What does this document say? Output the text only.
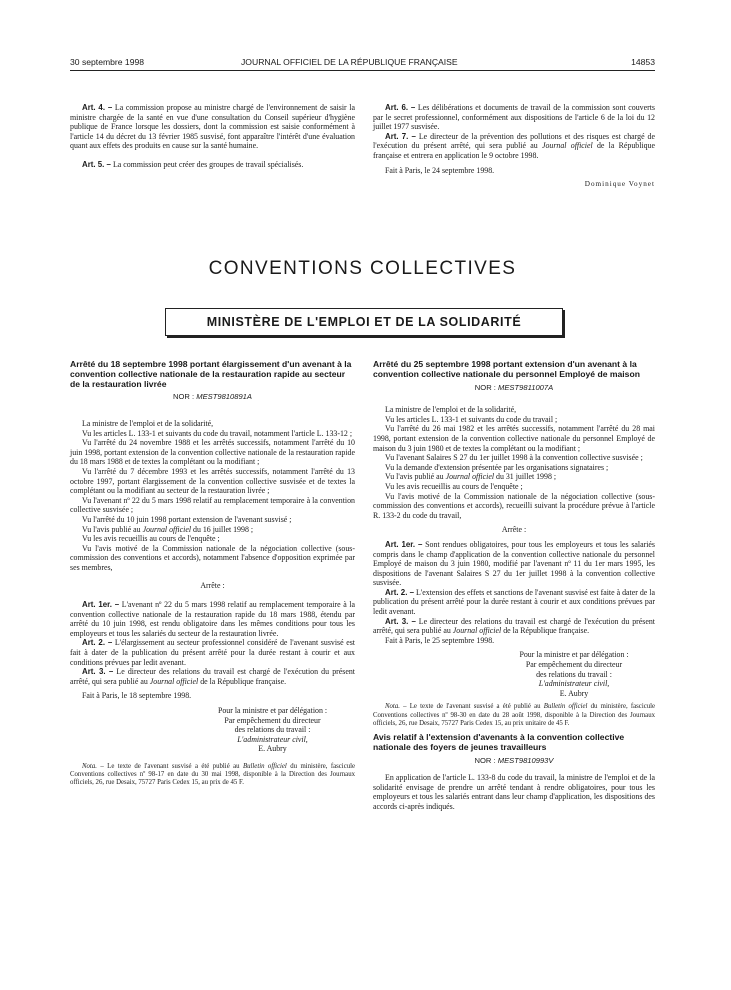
30 septembre 1998	JOURNAL OFFICIEL DE LA RÉPUBLIQUE FRANÇAISE	14853

Art. 4. – La commission propose au ministre chargé de l'environnement de saisir la ministre chargée de la santé en vue d'une consultation du Conseil supérieur d'hygiène publique de France lorsque les dossiers, dont la commission est saisie conformément à l'article 14 du décret du 13 février 1985 susvisé, font apparaître l'intérêt d'une évaluation quant aux effets des produits en cause sur la santé humaine.

Art. 5. – La commission peut créer des groupes de travail spécialisés.

Art. 6. – Les délibérations et documents de travail de la commission sont couverts par le secret professionnel, conformément aux dispositions de l'article 6 de la loi du 12 juillet 1977 susvisée.

Art. 7. – Le directeur de la prévention des pollutions et des risques est chargé de l'exécution du présent arrêté, qui sera publié au Journal officiel de la République française et entrera en application le 9 octobre 1998.

Fait à Paris, le 24 septembre 1998.

Dominique Voynet

CONVENTIONS COLLECTIVES
MINISTÈRE DE L'EMPLOI ET DE LA SOLIDARITÉ

Arrêté du 18 septembre 1998 portant élargissement d'un avenant à la convention collective nationale de la restauration rapide au secteur de la restauration livrée

NOR : MEST9810891A

La ministre de l'emploi et de la solidarité,

Vu les articles L. 133-1 et suivants du code du travail, notamment l'article L. 133-12 ;

Vu l'arrêté du 24 novembre 1988 et les arrêtés successifs, notamment l'arrêté du 10 juin 1998, portant extension de la convention collective nationale de la restauration rapide du 18 mars 1988 et de textes la complétant ou la modifiant ;

Vu l'arrêté du 7 décembre 1993 et les arrêtés successifs, notamment l'arrêté du 13 octobre 1997, portant élargissement de la convention collective susvisée et de textes la complétant ou la modifiant au secteur de la restauration livrée ;

Vu l'avenant nº 22 du 5 mars 1998 relatif au remplacement temporaire à la convention collective susvisée ;

Vu l'arrêté du 10 juin 1998 portant extension de l'avenant susvisé ;

Vu l'avis publié au Journal officiel du 16 juillet 1998 ;

Vu les avis recueillis au cours de l'enquête ;

Vu l'avis motivé de la Commission nationale de la négociation collective (sous-commission des conventions et accords), notamment l'absence d'opposition exprimée par ses membres,

Arrête :

Art. 1er. – L'avenant nº 22 du 5 mars 1998 relatif au remplacement temporaire à la convention collective nationale de la restauration rapide du 18 mars 1988, étendu par arrêté du 10 juin 1998, est rendu obligatoire dans les mêmes conditions pour tous les employeurs et tous les salariés du secteur de la restauration livrée.

Art. 2. – L'élargissement au secteur professionnel considéré de l'avenant susvisé est fait à dater de la publication du présent arrêté pour la durée restant à courir et aux conditions prévues par ledit avenant.

Art. 3. – Le directeur des relations du travail est chargé de l'exécution du présent arrêté, qui sera publié au Journal officiel de la République française.

Fait à Paris, le 18 septembre 1998.

Pour la ministre et par délégation :

Par empêchement du directeur

des relations du travail :

L'administrateur civil,

E. Aubry

Nota. – Le texte de l'avenant susvisé a été publié au Bulletin officiel du ministère, fascicule Conventions collectives nº 98-17 en date du 30 mai 1998, disponible à la Direction des Journaux officiels, 26, rue Desaix, 75727 Paris Cedex 15, au prix de 45 F.

Arrêté du 25 septembre 1998 portant extension d'un avenant à la convention collective nationale du personnel Employé de maison

NOR : MEST9811007A

La ministre de l'emploi et de la solidarité,

Vu les articles L. 133-1 et suivants du code du travail ;

Vu l'arrêté du 26 mai 1982 et les arrêtés successifs, notamment l'arrêté du 28 mai 1998, portant extension de la convention collective nationale du personnel Employé de maison du 3 juin 1980 et de textes la complétant ou la modifiant ;

Vu l'avenant Salaires S 27 du 1er juillet 1998 à la convention collective susvisée ;

Vu la demande d'extension présentée par les organisations signataires ;

Vu l'avis publié au Journal officiel du 31 juillet 1998 ;

Vu les avis recueillis au cours de l'enquête ;

Vu l'avis motivé de la Commission nationale de la négociation collective (sous-commission des conventions et accords), recueilli suivant la procédure prévue à l'article R. 133-2 du code du travail,

Arrête :

Art. 1er. – Sont rendues obligatoires, pour tous les employeurs et tous les salariés compris dans le champ d'application de la convention collective nationale du personnel Employé de maison du 3 juin 1980, modifié par l'avenant nº 11 du 1er mars 1995, les dispositions de l'avenant Salaires S 27 du 1er juillet 1998 à la convention collective susvisée.

Art. 2. – L'extension des effets et sanctions de l'avenant susvisé est faite à dater de la publication du présent arrêté pour la durée restant à courir et aux conditions prévues par ledit avenant.

Art. 3. – Le directeur des relations du travail est chargé de l'exécution du présent arrêté, qui sera publié au Journal officiel de la République française.

Fait à Paris, le 25 septembre 1998.

Pour la ministre et par délégation :

Par empêchement du directeur

des relations du travail :

L'administrateur civil,

E. Aubry

Nota. – Le texte de l'avenant susvisé a été publié au Bulletin officiel du ministère, fascicule Conventions collectives nº 98-30 en date du 28 août 1998, disponible à la Direction des Journaux officiels, 26, rue Desaix, 75727 Paris Cedex 15, au prix unitaire de 45 F.

Avis relatif à l'extension d'avenants à la convention collective nationale des foyers de jeunes travailleurs

NOR : MEST9810993V

En application de l'article L. 133-8 du code du travail, la ministre de l'emploi et de la solidarité envisage de prendre un arrêté tendant à rendre obligatoires, pour tous les employeurs et tous les salariés entrant dans leur champ d'application, les dispositions des accords ci-après indiqués.
